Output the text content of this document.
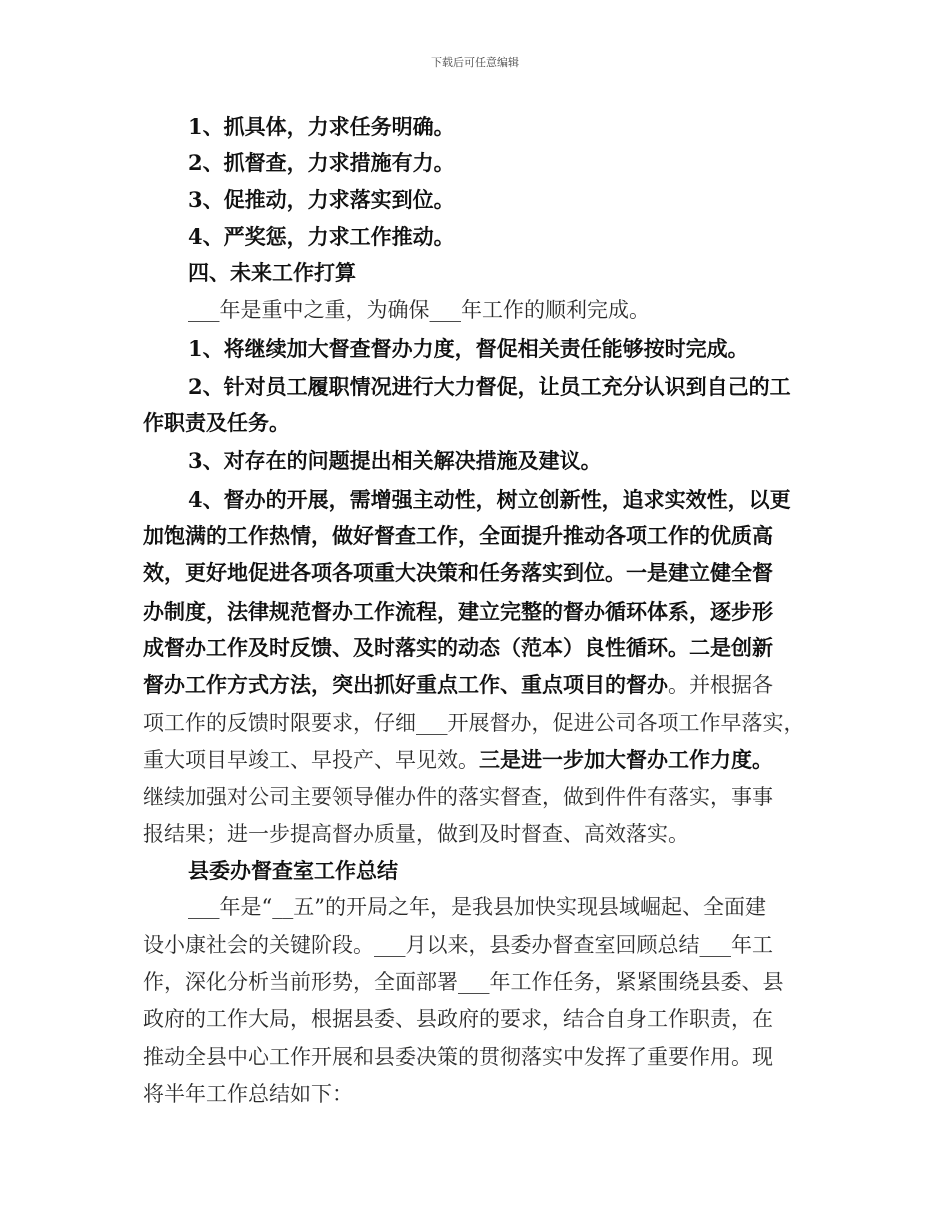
下载后可任意编辑
1、抓具体，力求任务明确。
2、抓督查，力求措施有力。
3、促推动，力求落实到位。
4、严奖惩，力求工作推动。
四、未来工作打算
___年是重中之重，为确保___年工作的顺利完成。
1、将继续加大督查督办力度，督促相关责任能够按时完成。
2、针对员工履职情况进行大力督促，让员工充分认识到自己的工
作职责及任务。
3、对存在的问题提出相关解决措施及建议。
4、督办的开展，需增强主动性，树立创新性，追求实效性，以更
加饱满的工作热情，做好督查工作，全面提升推动各项工作的优质高
效，更好地促进各项各项重大决策和任务落实到位。一是建立健全督
办制度，法律规范督办工作流程，建立完整的督办循环体系，逐步形
成督办工作及时反馈、及时落实的动态（范本）良性循环。二是创新
督办工作方式方法，突出抓好重点工作、重点项目的督办。并根据各
项工作的反馈时限要求，仔细___开展督办，促进公司各项工作早落实，
重大项目早竣工、早投产、早见效。三是进一步加大督办工作力度。
继续加强对公司主要领导催办件的落实督查，做到件件有落实，事事
报结果；进一步提高督办质量，做到及时督查、高效落实。
县委办督查室工作总结
___年是“__五”的开局之年，是我县加快实现县域崛起、全面建
设小康社会的关键阶段。___月以来，县委办督查室回顾总结___年工
作，深化分析当前形势，全面部署___年工作任务，紧紧围绕县委、县
政府的工作大局，根据县委、县政府的要求，结合自身工作职责，在
推动全县中心工作开展和县委决策的贯彻落实中发挥了重要作用。现
将半年工作总结如下：
